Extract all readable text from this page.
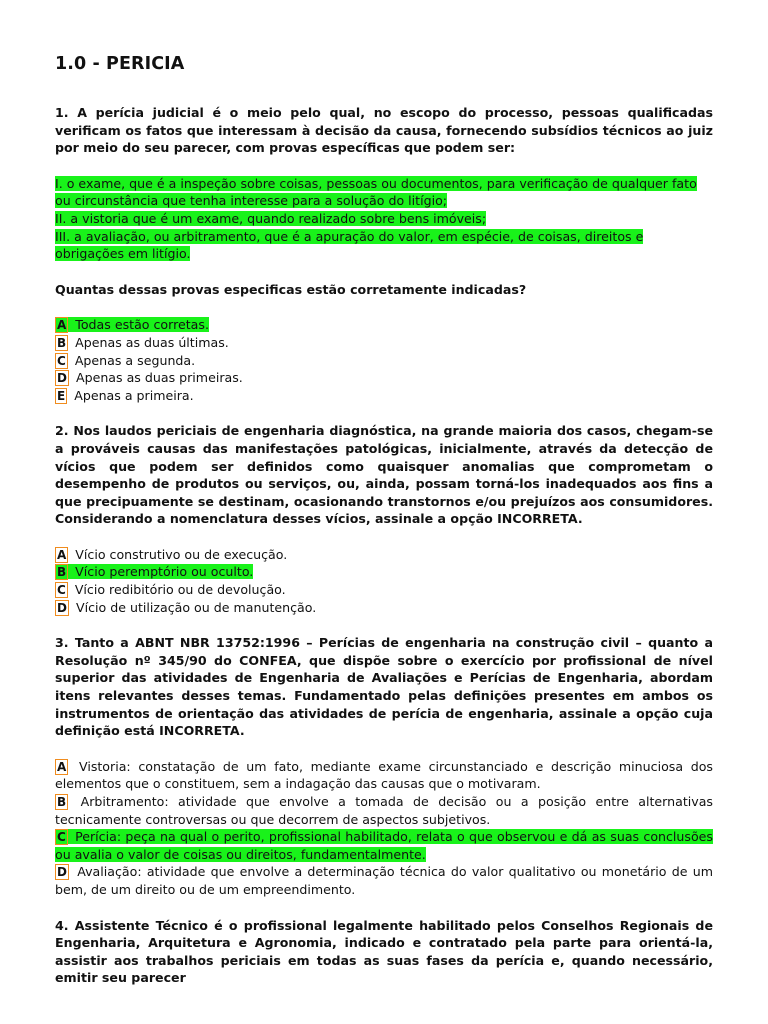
1.0 - PERICIA

1. A perícia judicial é o meio pelo qual, no escopo do processo, pessoas qualificadas verificam os fatos que interessam à decisão da causa, fornecendo subsídios técnicos ao juiz por meio do seu parecer, com provas específicas que podem ser:

I. o exame, que é a inspeção sobre coisas, pessoas ou documentos, para verificação de qualquer fato ou circunstância que tenha interesse para a solução do litígio;

II. a vistoria que é um exame, quando realizado sobre bens imóveis;

III. a avaliação, ou arbitramento, que é a apuração do valor, em espécie, de coisas, direitos e obrigações em litígio.

Quantas dessas provas especificas estão corretamente indicadas?

A Todas estão corretas.

B Apenas as duas últimas.

C Apenas a segunda.

D Apenas as duas primeiras.

E Apenas a primeira.

2. Nos laudos periciais de engenharia diagnóstica, na grande maioria dos casos, chegam-se a prováveis causas das manifestações patológicas, inicialmente, através da detecção de vícios que podem ser definidos como quaisquer anomalias que comprometam o desempenho de produtos ou serviços, ou, ainda, possam torná-los inadequados aos fins a que precipuamente se destinam, ocasionando transtornos e/ou prejuízos aos consumidores. Considerando a nomenclatura desses vícios, assinale a opção INCORRETA.

A Vício construtivo ou de execução.

B Vício peremptório ou oculto.

C Vício redibitório ou de devolução.

D Vício de utilização ou de manutenção.

3. Tanto a ABNT NBR 13752:1996 – Perícias de engenharia na construção civil – quanto a Resolução nº 345/90 do CONFEA, que dispõe sobre o exercício por profissional de nível superior das atividades de Engenharia de Avaliações e Perícias de Engenharia, abordam itens relevantes desses temas. Fundamentado pelas definições presentes em ambos os instrumentos de orientação das atividades de perícia de engenharia, assinale a opção cuja definição está INCORRETA.

A Vistoria: constatação de um fato, mediante exame circunstanciado e descrição minuciosa dos elementos que o constituem, sem a indagação das causas que o motivaram.

B Arbitramento: atividade que envolve a tomada de decisão ou a posição entre alternativas tecnicamente controversas ou que decorrem de aspectos subjetivos.

C Perícia: peça na qual o perito, profissional habilitado, relata o que observou e dá as suas conclusões ou avalia o valor de coisas ou direitos, fundamentalmente.

D Avaliação: atividade que envolve a determinação técnica do valor qualitativo ou monetário de um bem, de um direito ou de um empreendimento.

4. Assistente Técnico é o profissional legalmente habilitado pelos Conselhos Regionais de Engenharia, Arquitetura e Agronomia, indicado e contratado pela parte para orientá-la, assistir aos trabalhos periciais em todas as suas fases da perícia e, quando necessário, emitir seu parecer
